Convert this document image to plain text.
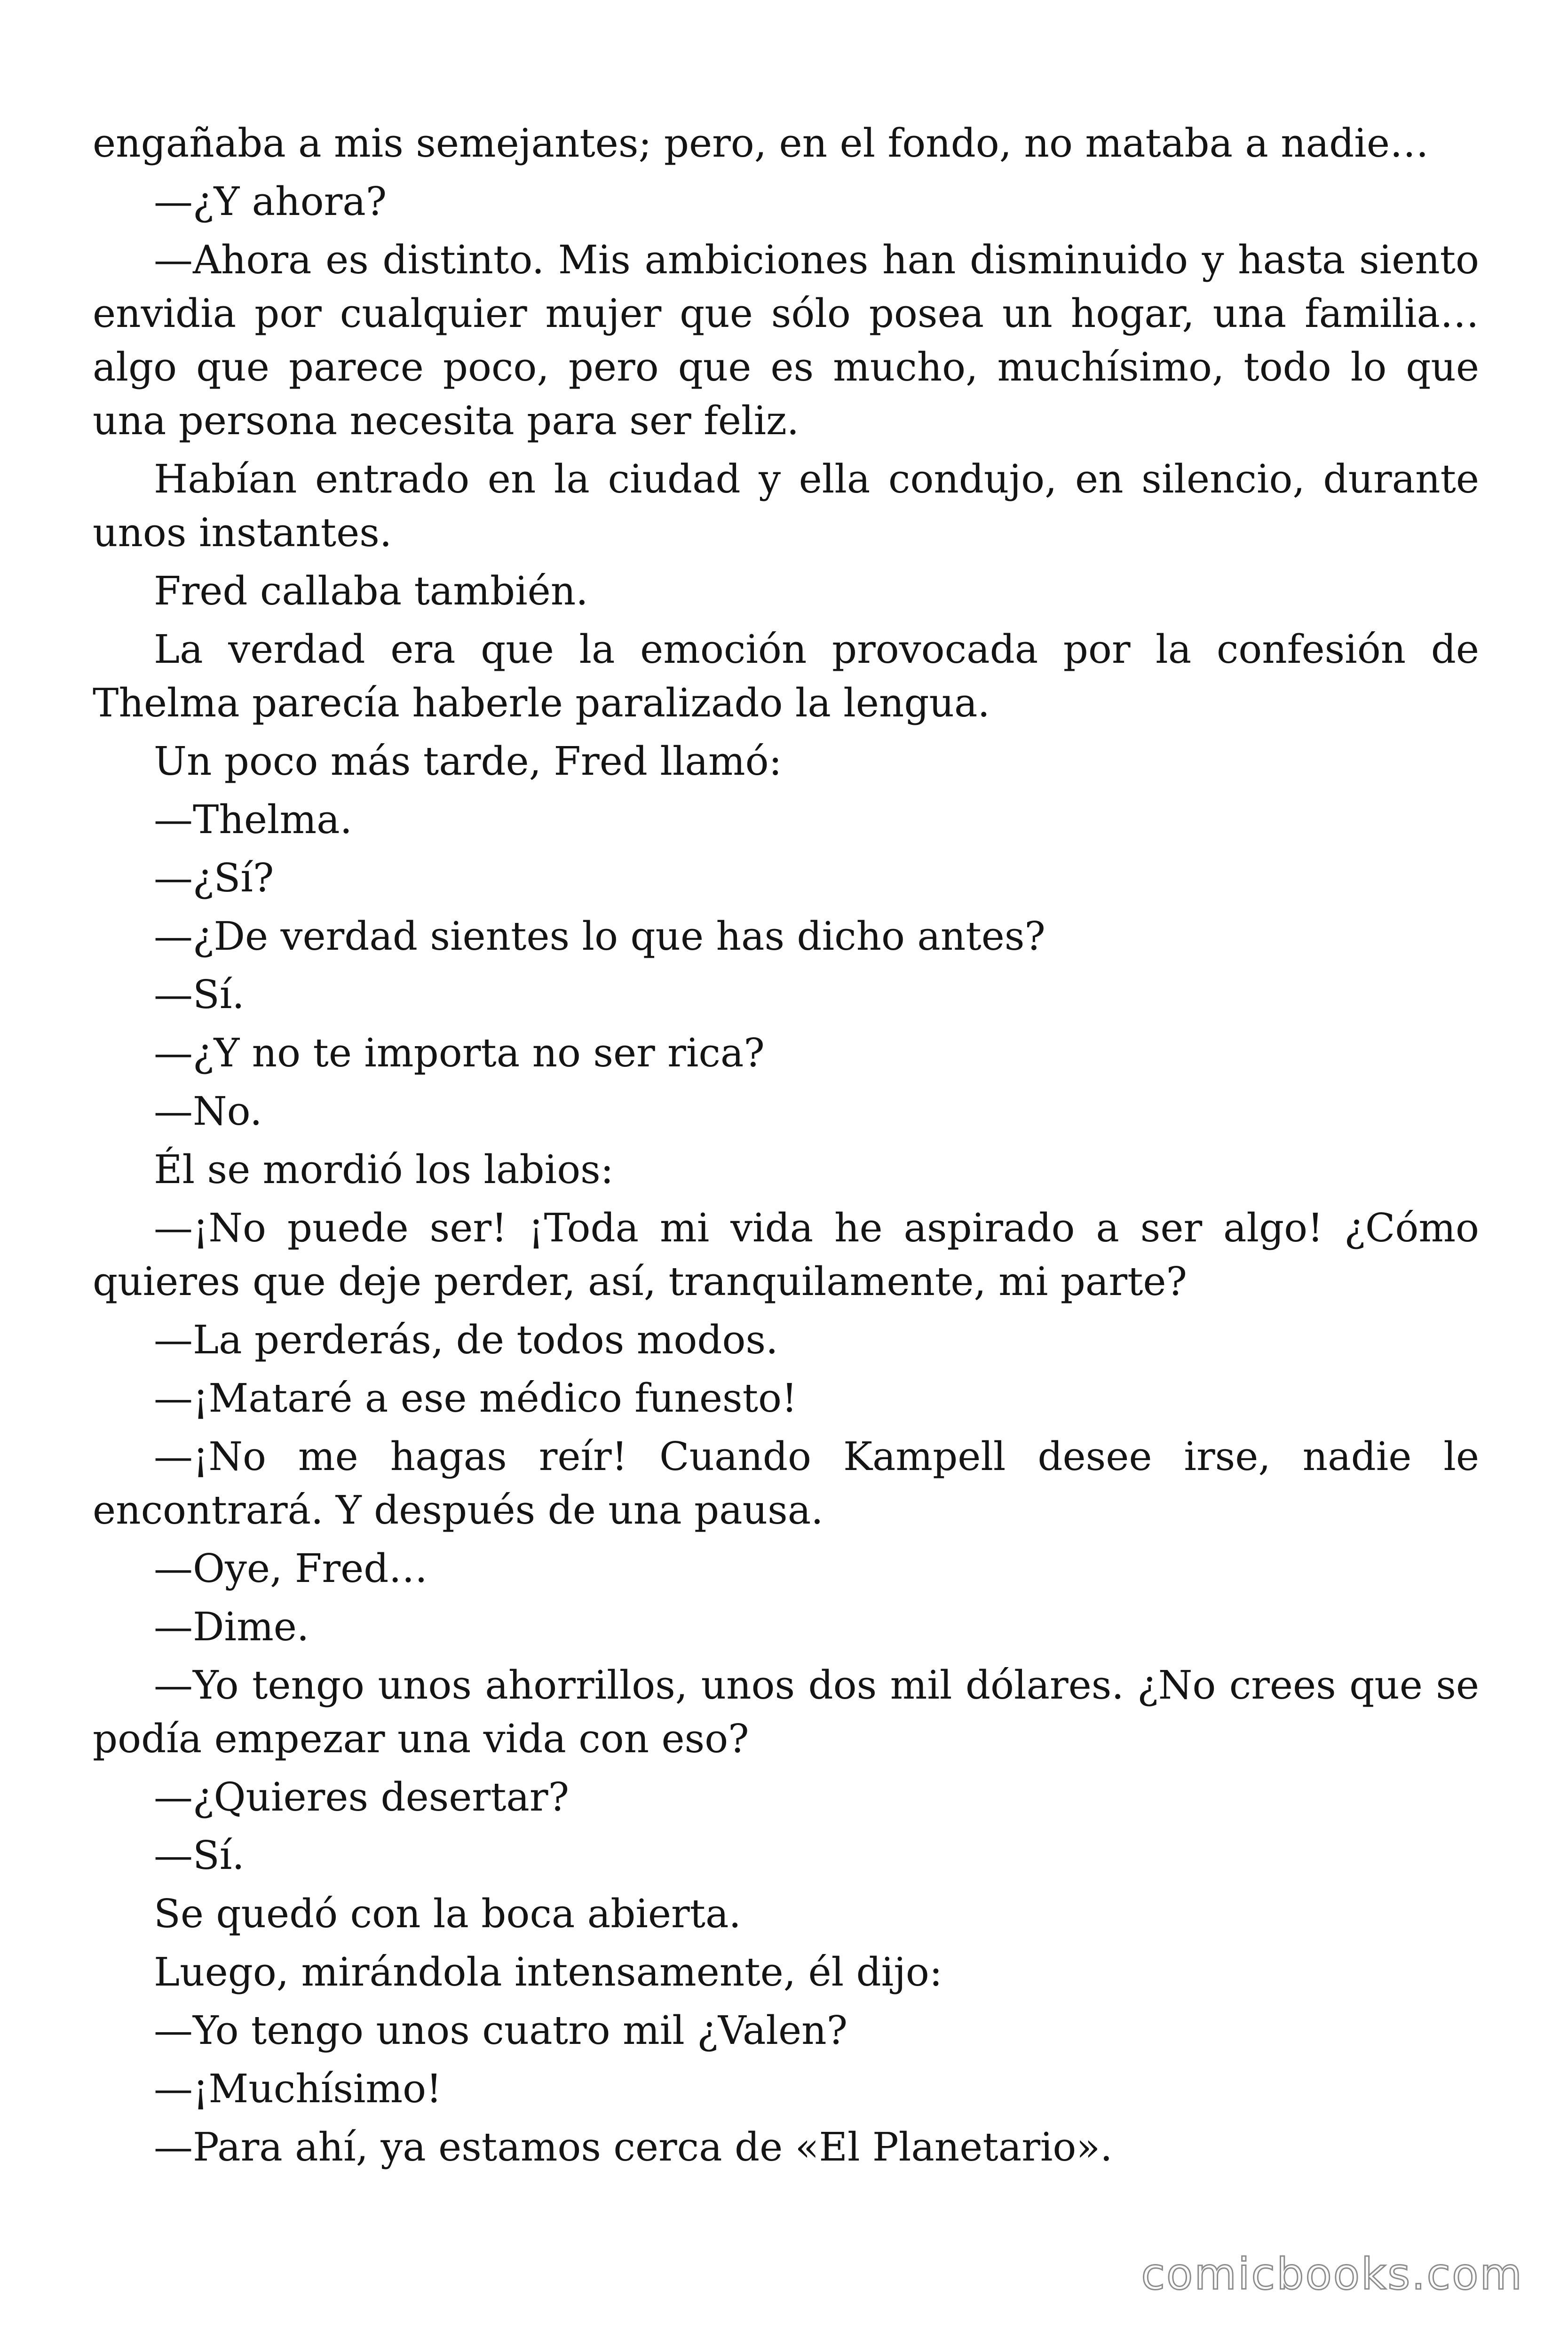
engañaba a mis semejantes; pero, en el fondo, no mataba a nadie…

—¿Y ahora?

—Ahora es distinto. Mis ambiciones han disminuido y hasta siento envidia por cualquier mujer que sólo posea un hogar, una familia… algo que parece poco, pero que es mucho, muchísimo, todo lo que una persona necesita para ser feliz.

Habían entrado en la ciudad y ella condujo, en silencio, durante unos instantes.

Fred callaba también.

La verdad era que la emoción provocada por la confesión de Thelma parecía haberle paralizado la lengua.

Un poco más tarde, Fred llamó:

—Thelma.

—¿Sí?

—¿De verdad sientes lo que has dicho antes?

—Sí.

—¿Y no te importa no ser rica?

—No.

Él se mordió los labios:

—¡No puede ser! ¡Toda mi vida he aspirado a ser algo! ¿Cómo quieres que deje perder, así, tranquilamente, mi parte?

—La perderás, de todos modos.

—¡Mataré a ese médico funesto!

—¡No me hagas reír! Cuando Kampell desee irse, nadie le encontrará. Y después de una pausa.

—Oye, Fred…

—Dime.

—Yo tengo unos ahorrillos, unos dos mil dólares. ¿No crees que se podía empezar una vida con eso?

—¿Quieres desertar?

—Sí.

Se quedó con la boca abierta.

Luego, mirándola intensamente, él dijo:

—Yo tengo unos cuatro mil ¿Valen?

—¡Muchísimo!

—Para ahí, ya estamos cerca de «El Planetario».

comicbooks.com
